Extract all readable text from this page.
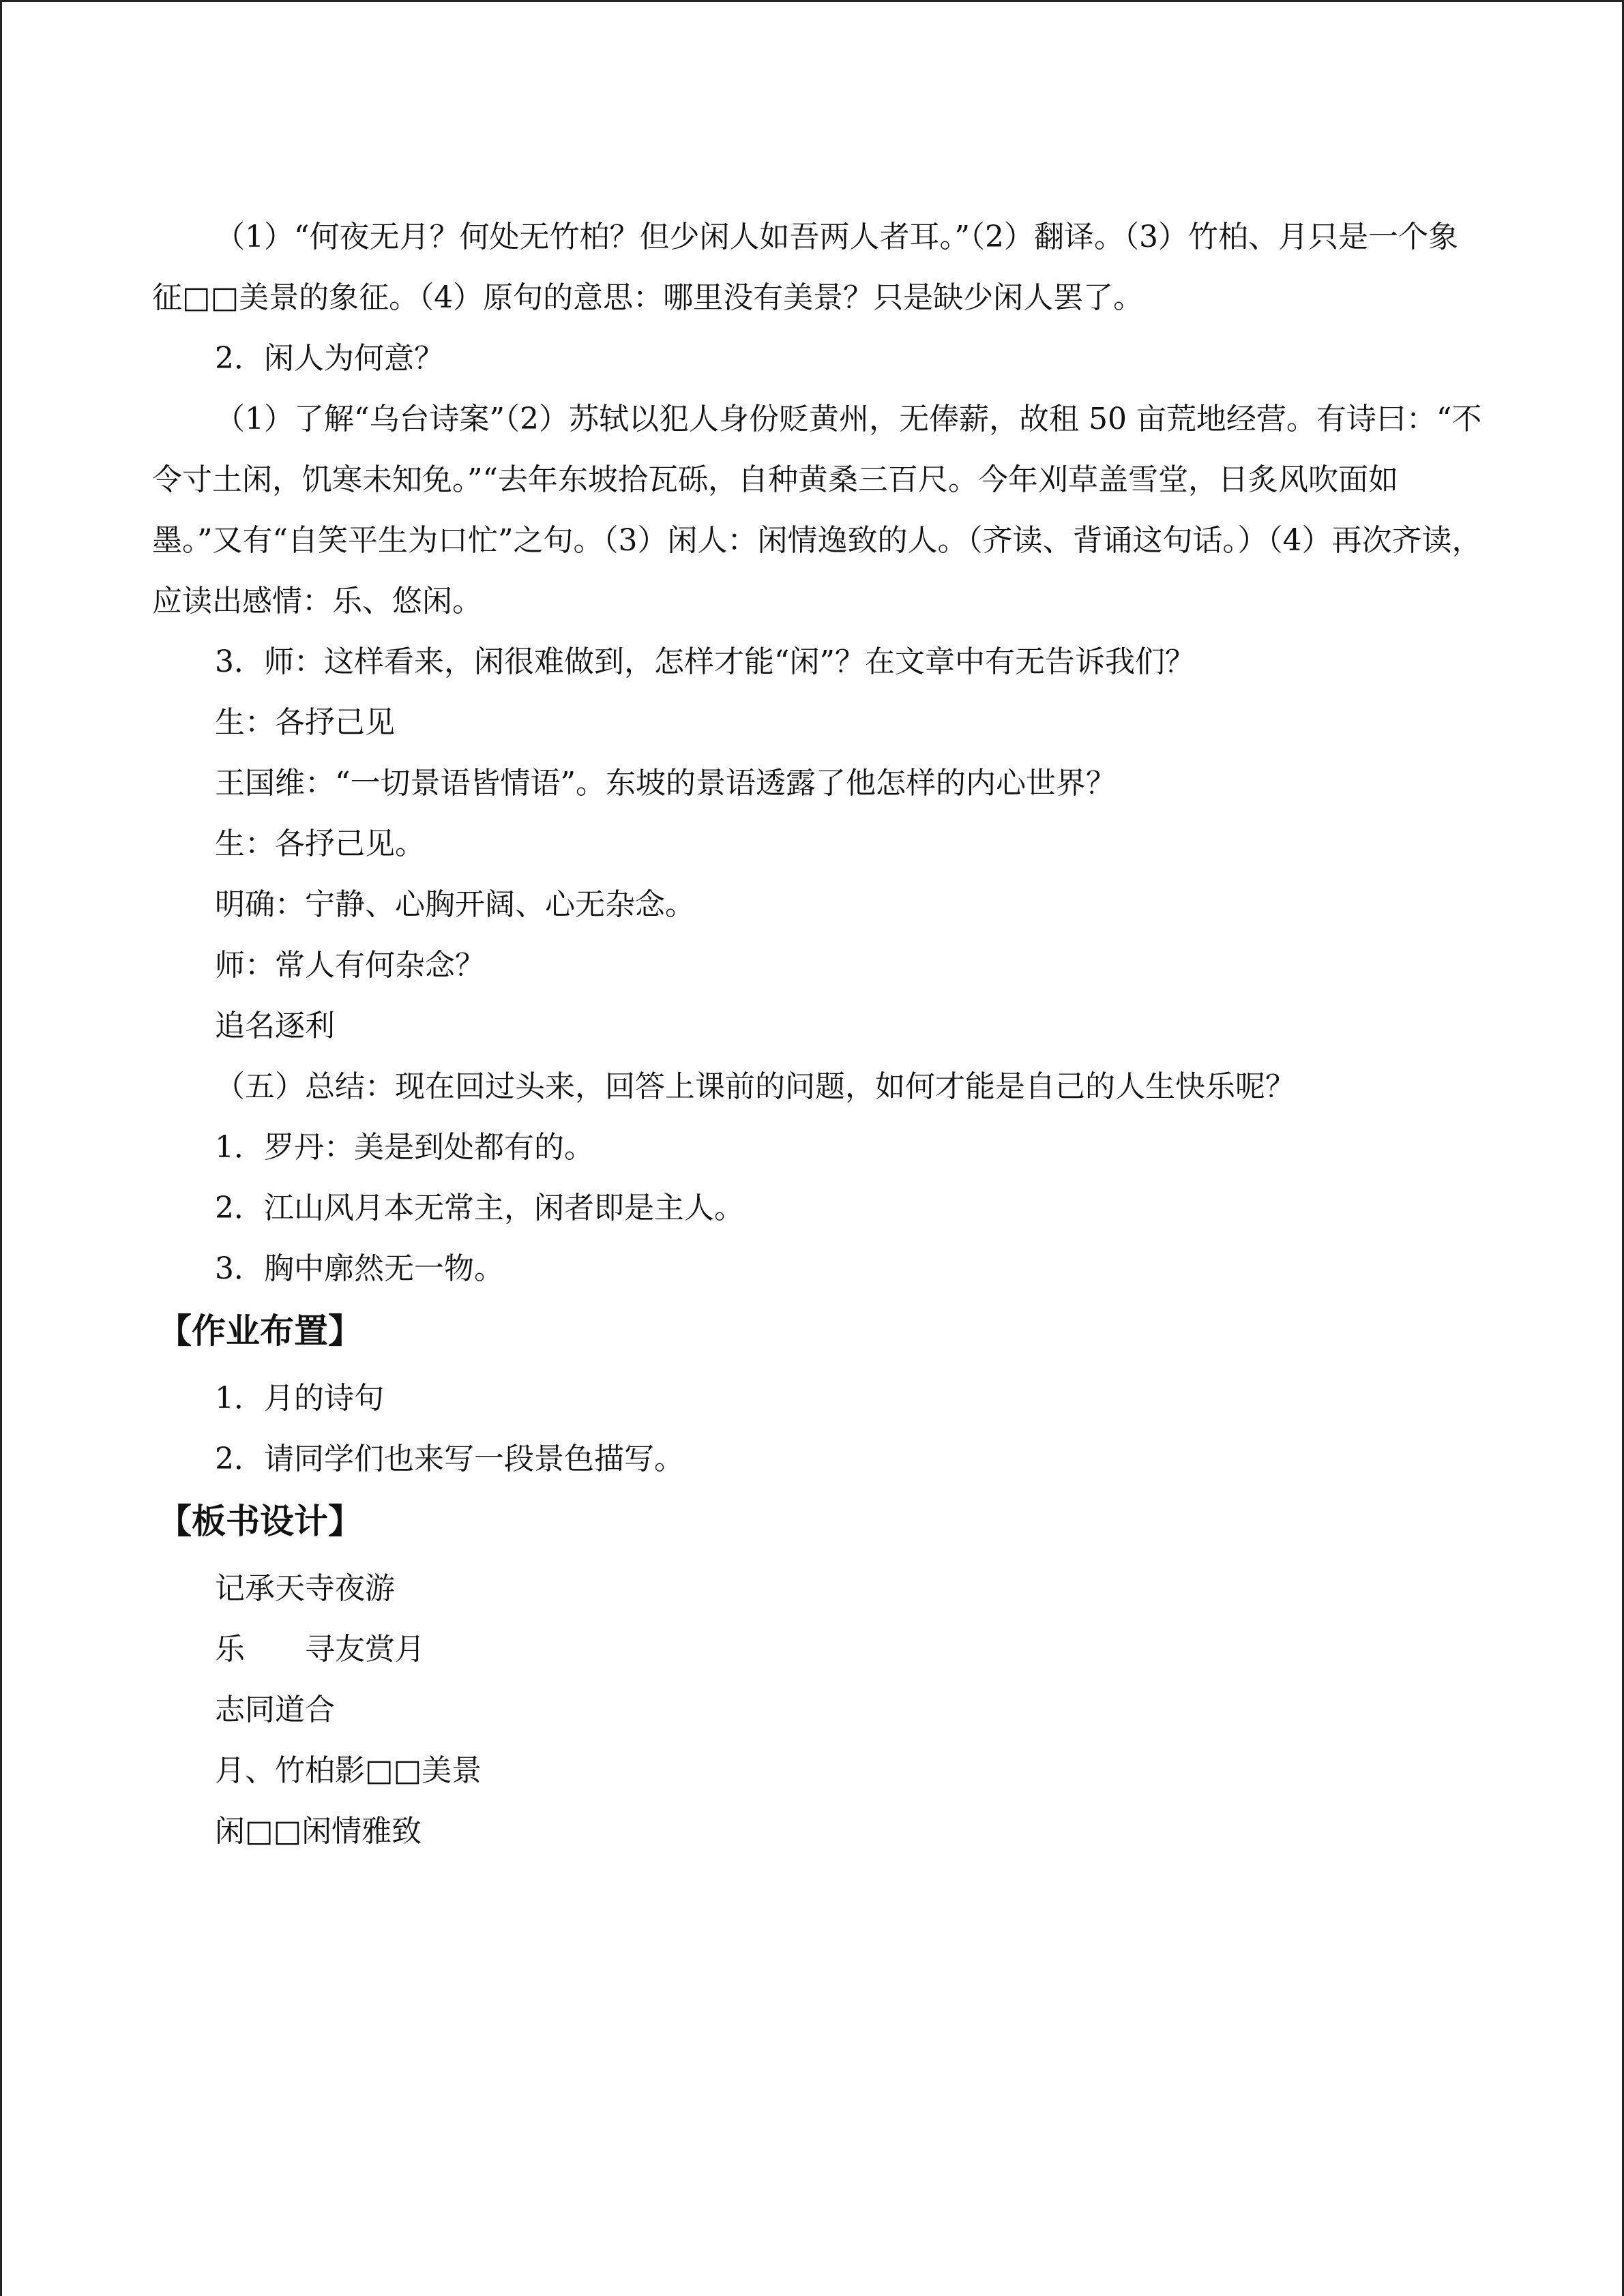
（1）“何夜无月？何处无竹柏？但少闲人如吾两人者耳。”（2）翻译。（3）竹柏、月只是一个象征□□美景的象征。（4）原句的意思：哪里没有美景？只是缺少闲人罢了。

2．闲人为何意？

（1）了解“乌台诗案”（2）苏轼以犯人身份贬黄州，无俸薪，故租 50 亩荒地经营。有诗曰：“不令寸土闲，饥寒未知免。”“去年东坡拾瓦砾，自种黄桑三百尺。今年刈草盖雪堂，日炙风吹面如墨。”又有“自笑平生为口忙”之句。（3）闲人：闲情逸致的人。（齐读、背诵这句话。）（4）再次齐读，应读出感情：乐、悠闲。

3．师：这样看来，闲很难做到，怎样才能“闲”？在文章中有无告诉我们？

生：各抒己见

王国维：“一切景语皆情语”。东坡的景语透露了他怎样的内心世界？

生：各抒己见。

明确：宁静、心胸开阔、心无杂念。

师：常人有何杂念？

追名逐利

（五）总结：现在回过头来，回答上课前的问题，如何才能是自己的人生快乐呢？

1．罗丹：美是到处都有的。

2．江山风月本无常主，闲者即是主人。

3．胸中廓然无一物。

【作业布置】

1．月的诗句

2．请同学们也来写一段景色描写。

【板书设计】

记承天寺夜游

乐　　寻友赏月

志同道合

月、竹柏影□□美景

闲□□闲情雅致
